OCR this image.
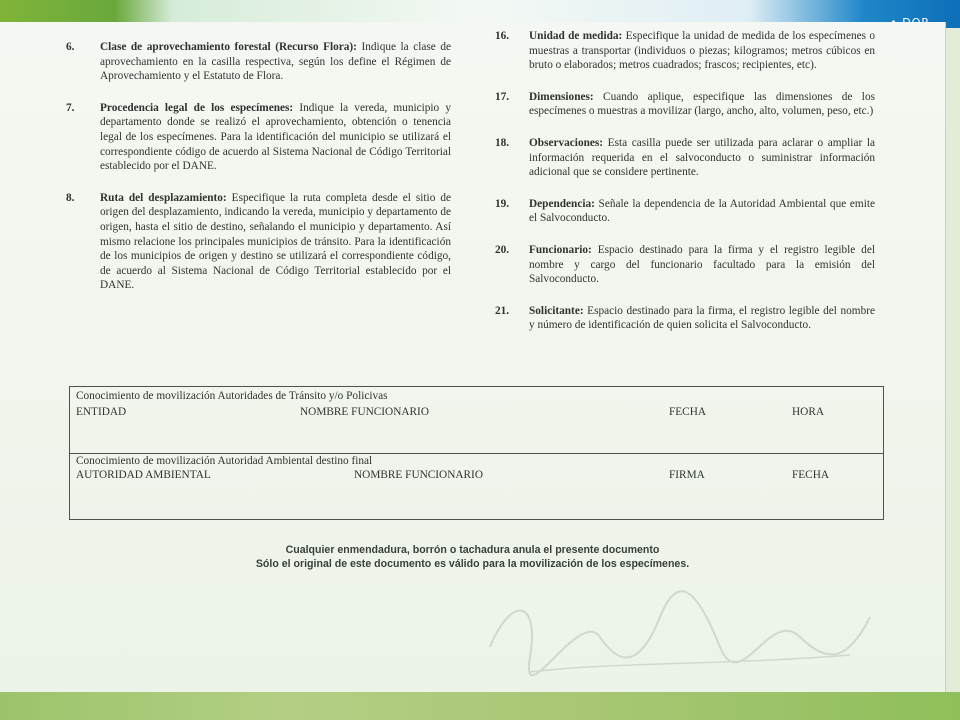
6. Clase de aprovechamiento forestal (Recurso Flora): Indique la clase de aprovechamiento en la casilla respectiva, según los define el Régimen de Aprovechamiento y el Estatuto de Flora.
7. Procedencia legal de los especímenes: Indique la vereda, municipio y departamento donde se realizó el aprovechamiento, obtención o tenencia legal de los especímenes. Para la identificación del municipio se utilizará el correspondiente código de acuerdo al Sistema Nacional de Código Territorial establecido por el DANE.
8. Ruta del desplazamiento: Especifique la ruta completa desde el sitio de origen del desplazamiento, indicando la vereda, municipio y departamento de origen, hasta el sitio de destino, señalando el municipio y departamento. Así mismo relacione los principales municipios de tránsito. Para la identificación de los municipios de origen y destino se utilizará el correspondiente código, de acuerdo al Sistema Nacional de Código Territorial establecido por el DANE.
16. Unidad de medida: Especifique la unidad de medida de los especímenes o muestras a transportar (individuos o piezas; kilogramos; metros cúbicos en bruto o elaborados; metros cuadrados; frascos; recipientes, etc).
17. Dimensiones: Cuando aplique, especifique las dimensiones de los especímenes o muestras a movilizar (largo, ancho, alto, volumen, peso, etc.)
18. Observaciones: Esta casilla puede ser utilizada para aclarar o ampliar la información requerida en el salvoconducto o suministrar información adicional que se considere pertinente.
19. Dependencia: Señale la dependencia de la Autoridad Ambiental que emite el Salvoconducto.
20. Funcionario: Espacio destinado para la firma y el registro legible del nombre y cargo del funcionario facultado para la emisión del Salvoconducto.
21. Solicitante: Espacio destinado para la firma, el registro legible del nombre y número de identificación de quien solicita el Salvoconducto.
Conocimiento de movilización Autoridades de Tránsito y/o Policivas
ENTIDAD	NOMBRE FUNCIONARIO	FECHA	HORA
Conocimiento de movilización Autoridad Ambiental destino final
AUTORIDAD AMBIENTAL	NOMBRE FUNCIONARIO	FIRMA	FECHA
Cualquier enmendadura, borrón o tachadura anula el presente documento
Sólo el original de este documento es válido para la movilización de los especímenes.
